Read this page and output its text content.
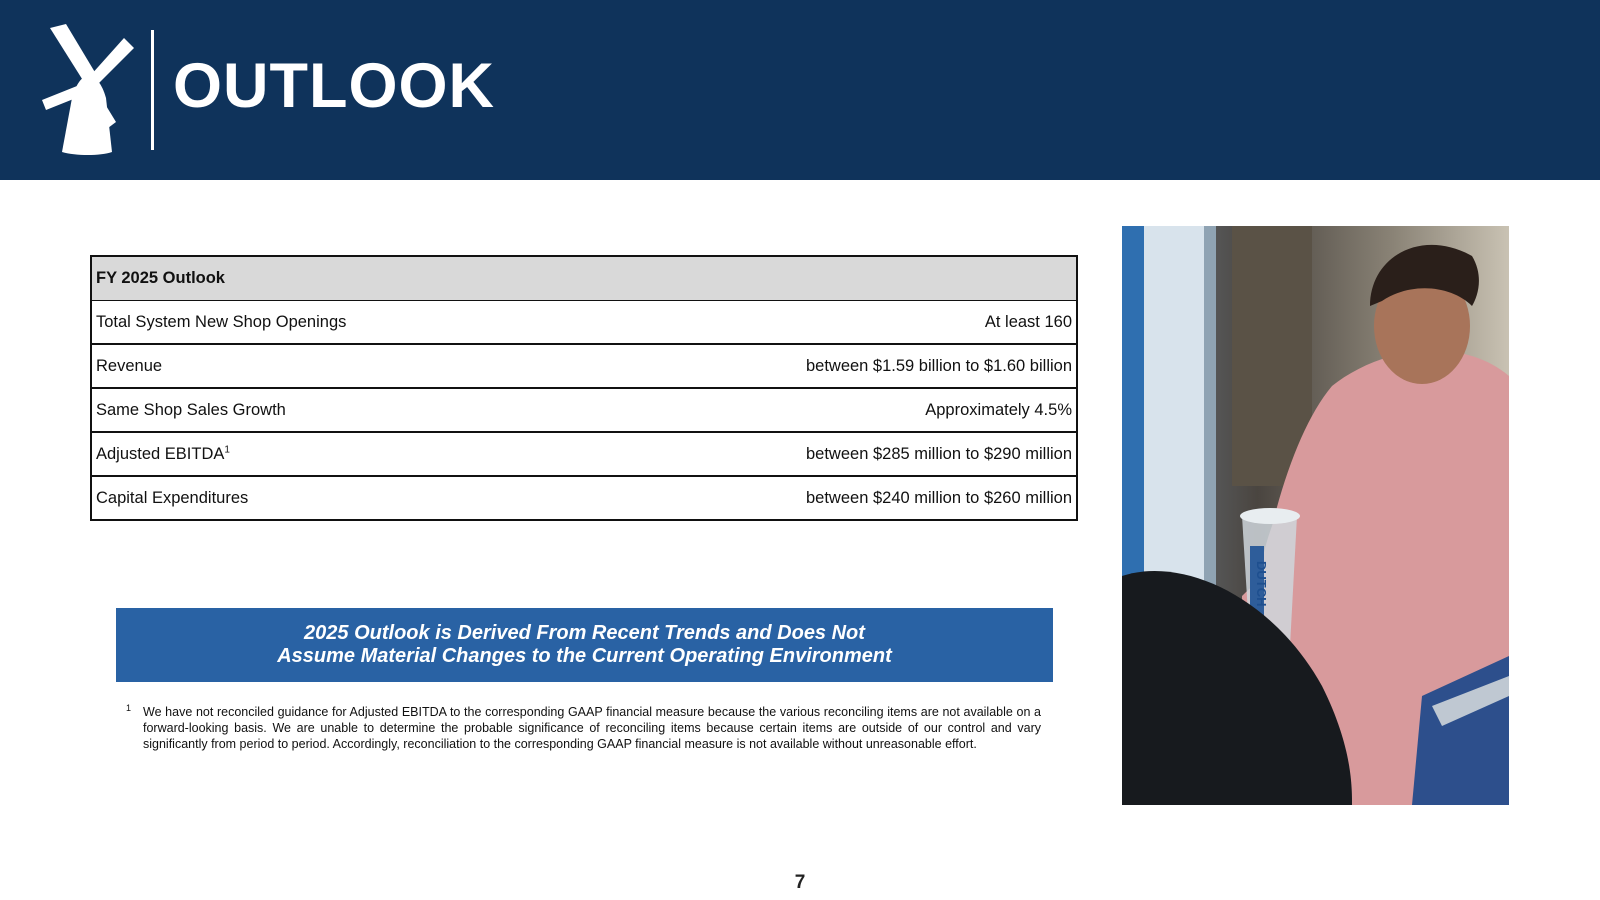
OUTLOOK
FY 2025 Outlook	
Total System New Shop Openings	At least 160
Revenue	between $1.59 billion to $1.60 billion
Same Shop Sales Growth	Approximately 4.5%
Adjusted EBITDA$^1$	between $285 million to $290 million
Capital Expenditures	between $240 million to $260 million
2025 Outlook is Derived From Recent Trends and Does Not
Assume Material Changes to the Current Operating Environment
1 We have not reconciled guidance for Adjusted EBITDA to the corresponding GAAP financial measure because the various reconciling items are not available on a forward-looking basis. We are unable to determine the probable significance of reconciling items because certain items are outside of our control and vary significantly from period to period. Accordingly, reconciliation to the corresponding GAAP financial measure is not available without unreasonable effort.
DUTCH
7
